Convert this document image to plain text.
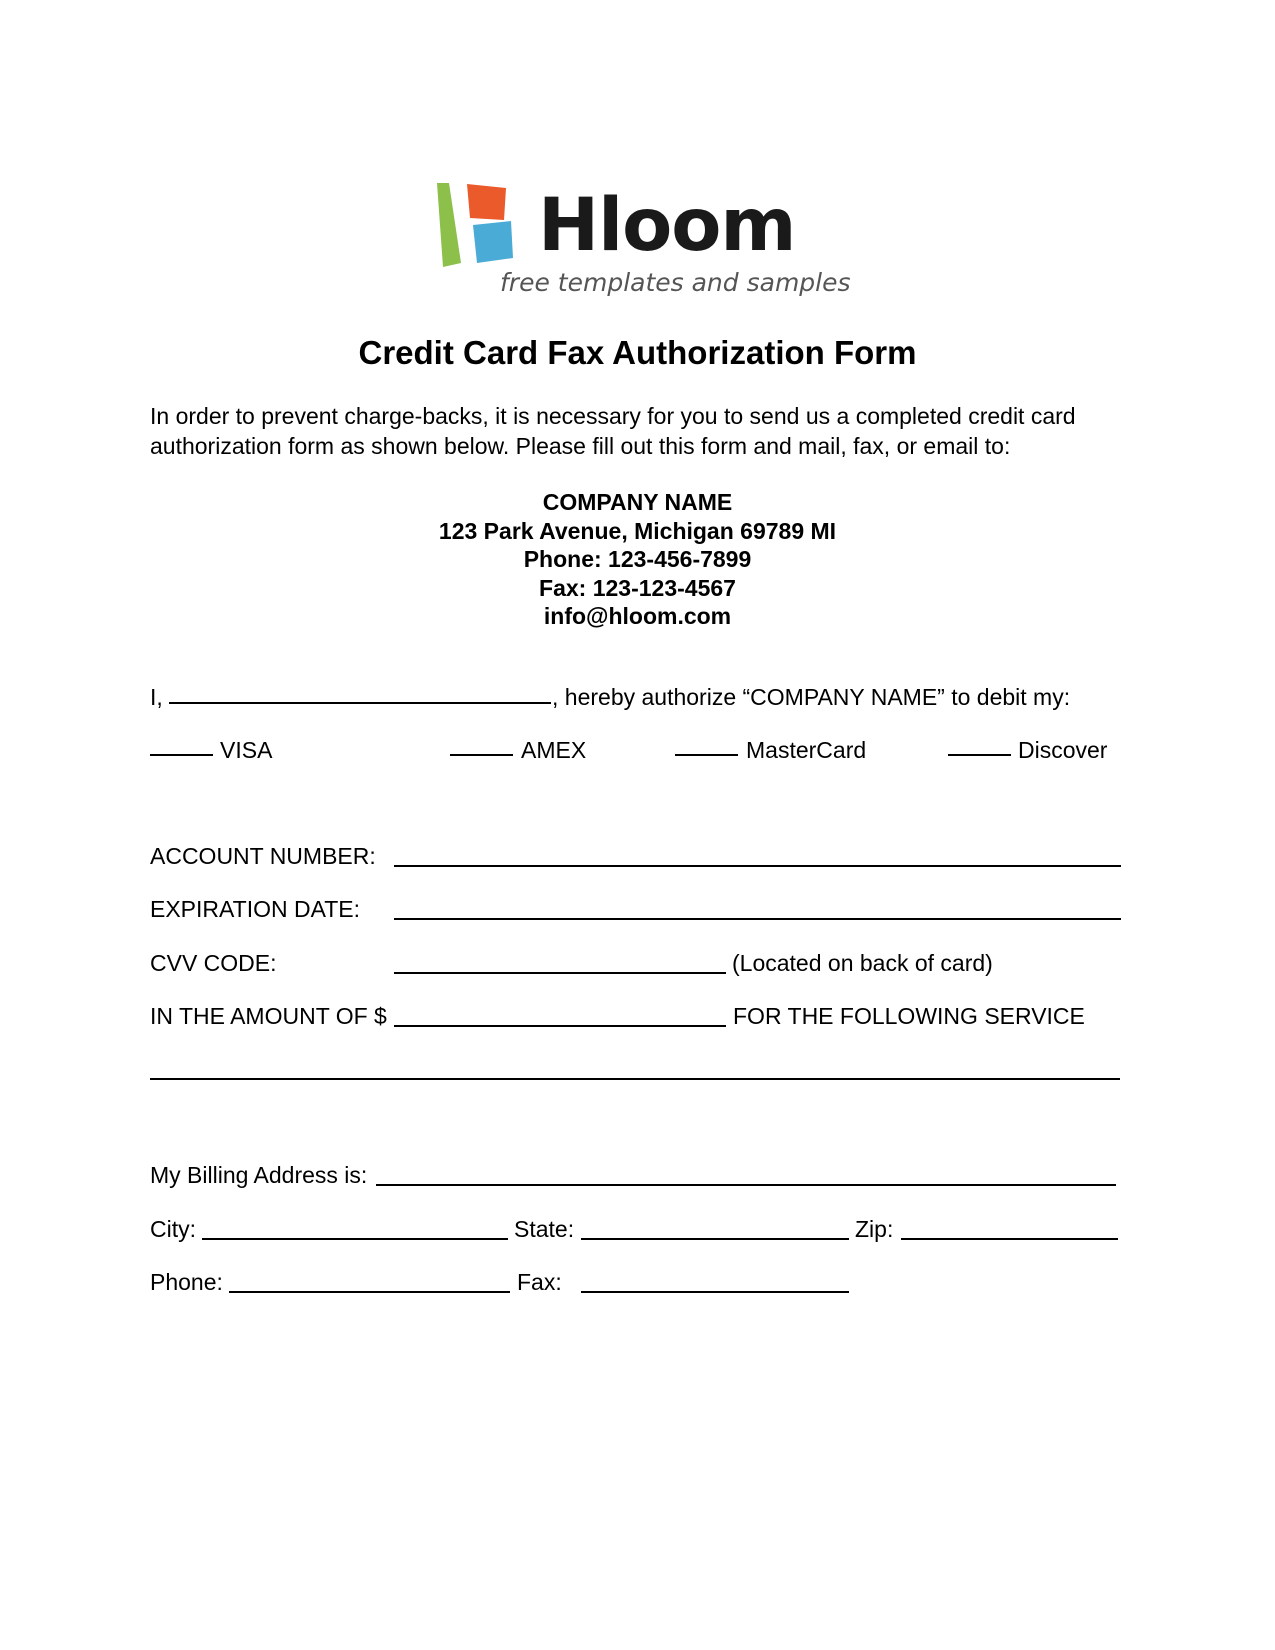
Hloom
free templates and samples
Credit Card Fax Authorization Form
In order to prevent charge-backs, it is necessary for you to send us a completed credit card
authorization form as shown below. Please fill out this form and mail, fax, or email to:
COMPANY NAME
123 Park Avenue, Michigan 69789 MI
Phone: 123-456-7899
Fax: 123-123-4567
info@hloom.com
I,	, hereby authorize “COMPANY NAME” to debit my:
VISA	AMEX	MasterCard	Discover
ACCOUNT NUMBER:
EXPIRATION DATE:
CVV CODE:	(Located on back of card)
IN THE AMOUNT OF $	FOR THE FOLLOWING SERVICE
My Billing Address is:
City:	State:	Zip:
Phone:	Fax:
